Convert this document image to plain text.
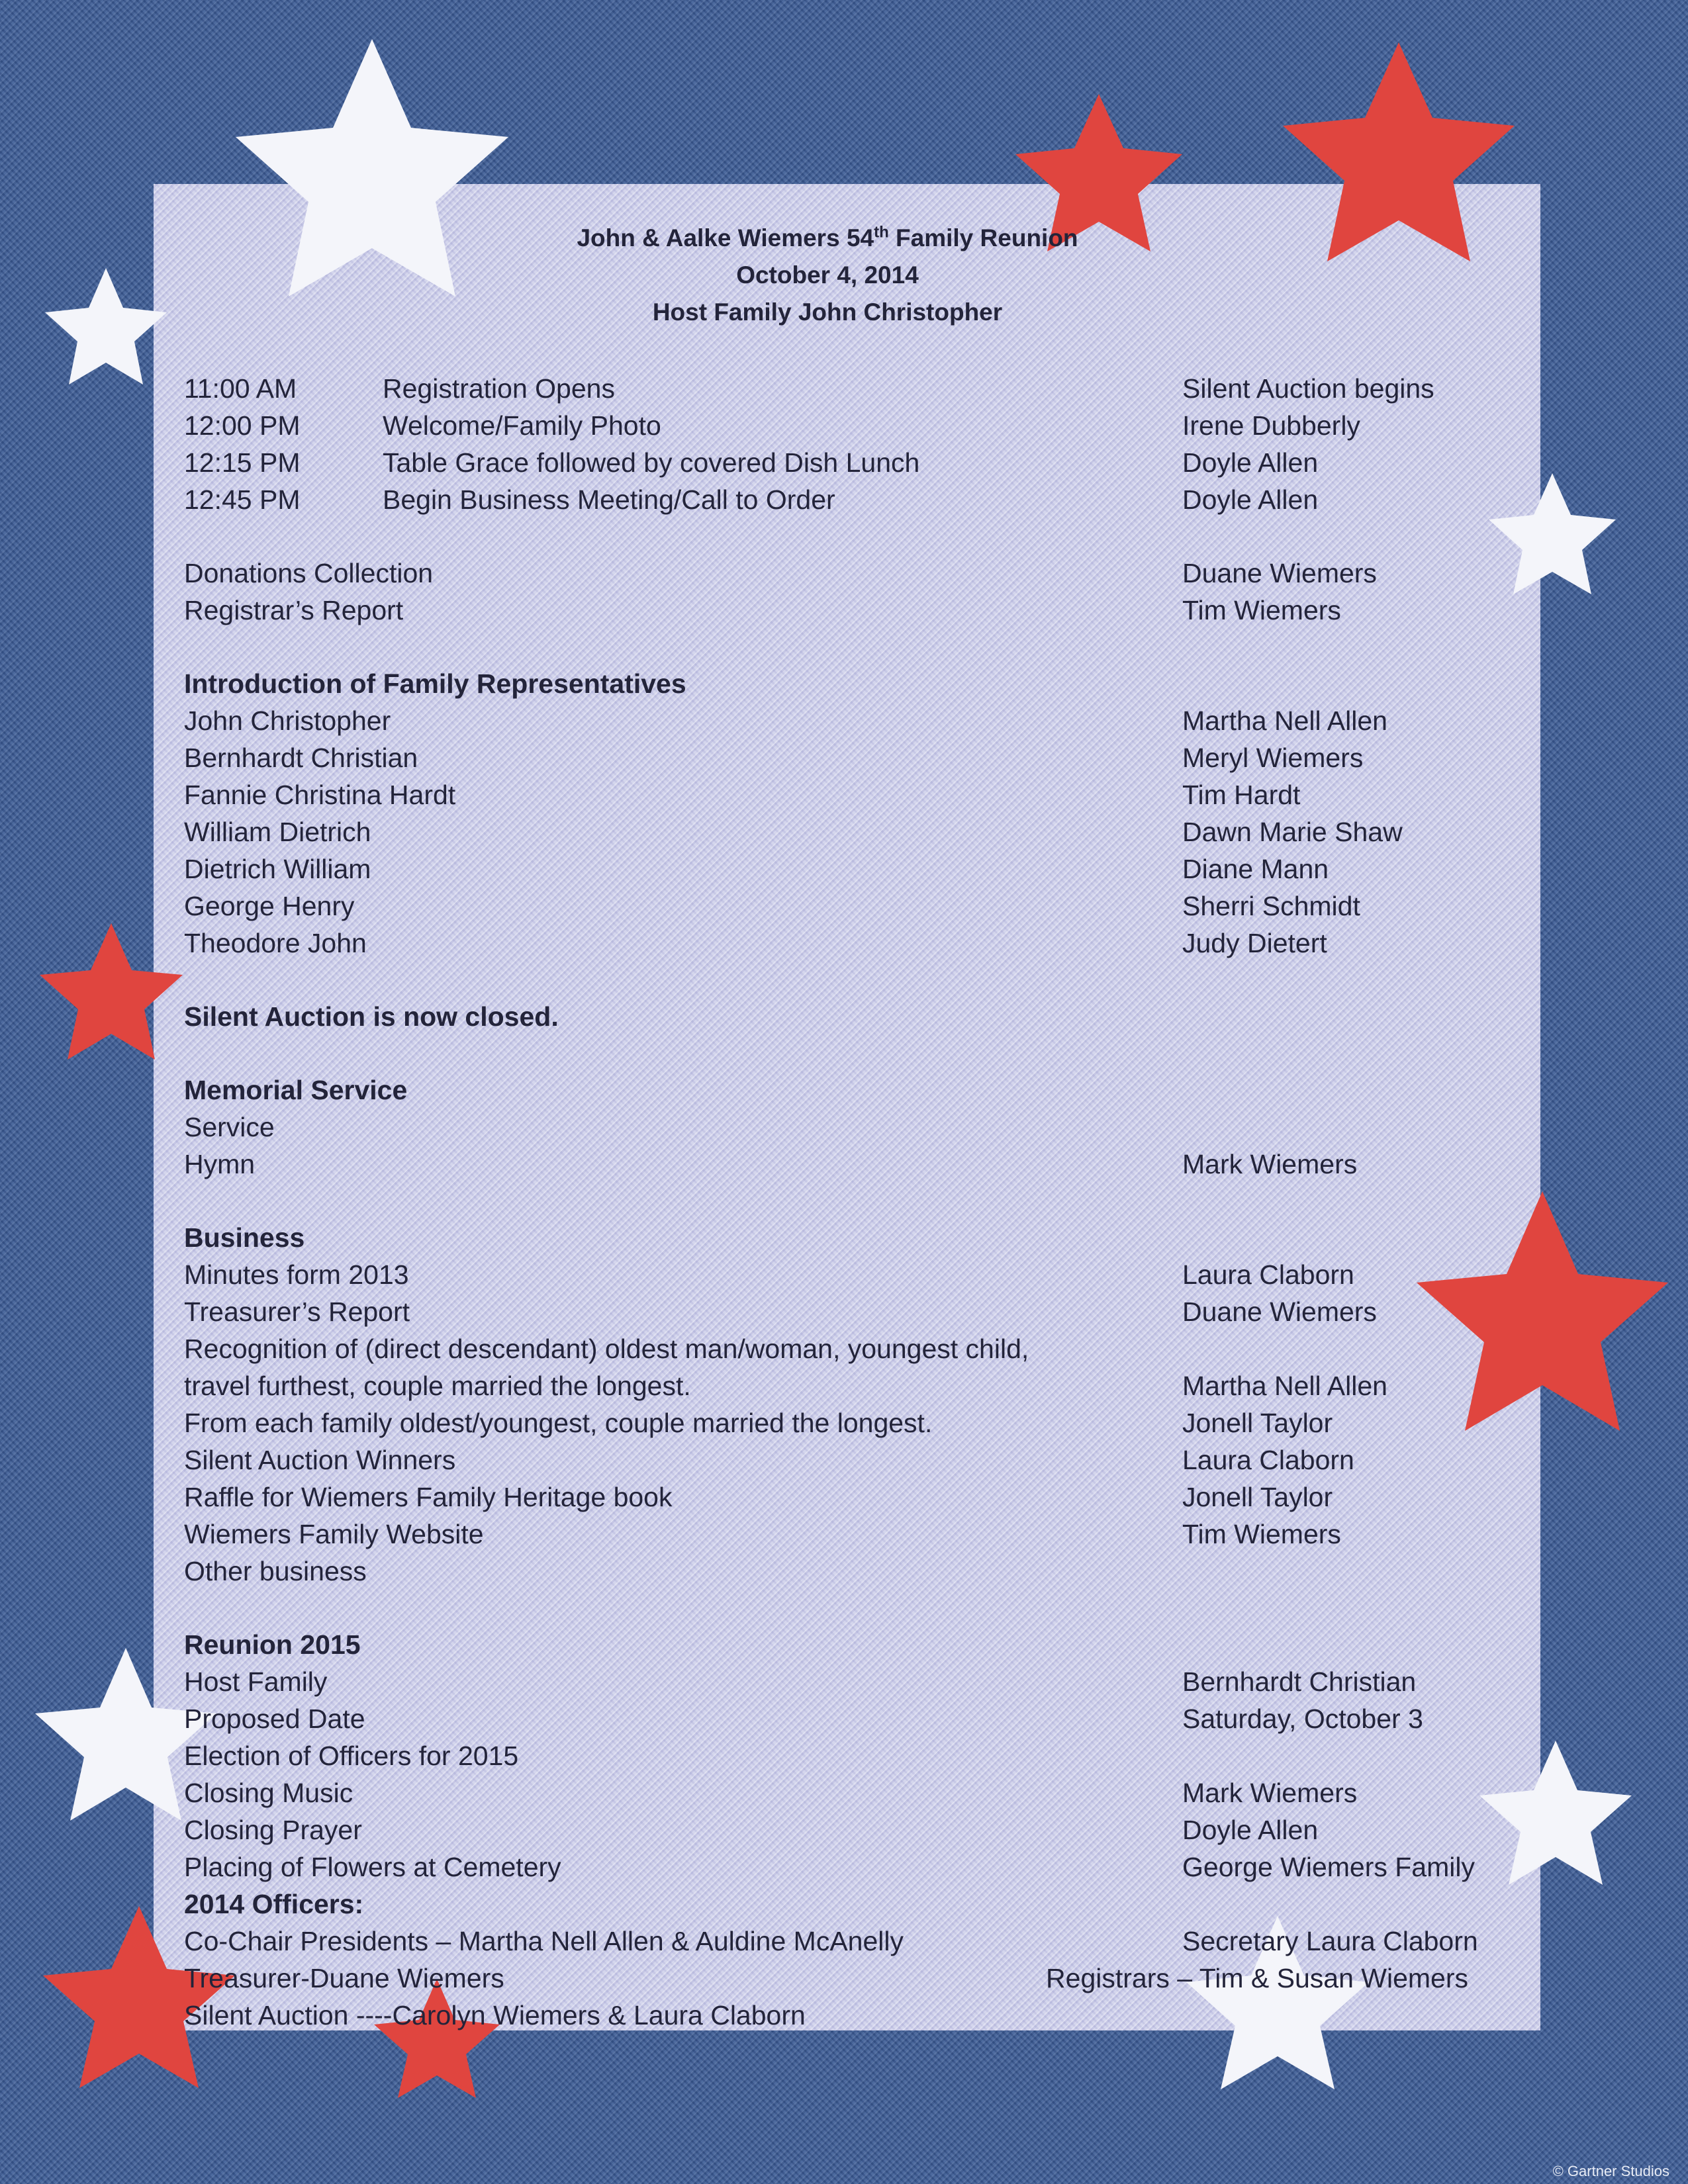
John & Aalke Wiemers 54th Family Reunion
October 4, 2014
Host Family John Christopher
11:00 AM	Registration Opens	Silent Auction begins
12:00 PM	Welcome/Family Photo	Irene Dubberly
12:15 PM	Table Grace followed by covered Dish Lunch	Doyle Allen
12:45 PM	Begin Business Meeting/Call to Order	Doyle Allen
Donations Collection	Duane Wiemers
Registrar’s Report	Tim Wiemers
Introduction of Family Representatives
John Christopher	Martha Nell Allen
Bernhardt Christian	Meryl Wiemers
Fannie Christina Hardt	Tim Hardt
William Dietrich	Dawn Marie Shaw
Dietrich William	Diane Mann
George Henry	Sherri Schmidt
Theodore John	Judy Dietert
Silent Auction is now closed.
Memorial Service
Service
Hymn	Mark Wiemers
Business
Minutes form 2013	Laura Claborn
Treasurer’s Report	Duane Wiemers
Recognition of (direct descendant) oldest man/woman, youngest child,
travel furthest, couple married the longest.	Martha Nell Allen
From each family oldest/youngest, couple married the longest.	Jonell Taylor
Silent Auction Winners	Laura Claborn
Raffle for Wiemers Family Heritage book	Jonell Taylor
Wiemers Family Website	Tim Wiemers
Other business
Reunion 2015
Host Family	Bernhardt Christian
Proposed Date	Saturday, October 3
Election of Officers for 2015
Closing Music	Mark Wiemers
Closing Prayer	Doyle Allen
Placing of Flowers at Cemetery	George Wiemers Family
2014 Officers:
Co-Chair Presidents – Martha Nell Allen & Auldine McAnelly	Secretary Laura Claborn
Treasurer-Duane Wiemers	Registrars – Tim & Susan Wiemers
Silent Auction ----Carolyn Wiemers & Laura Claborn
© Gartner Studios
